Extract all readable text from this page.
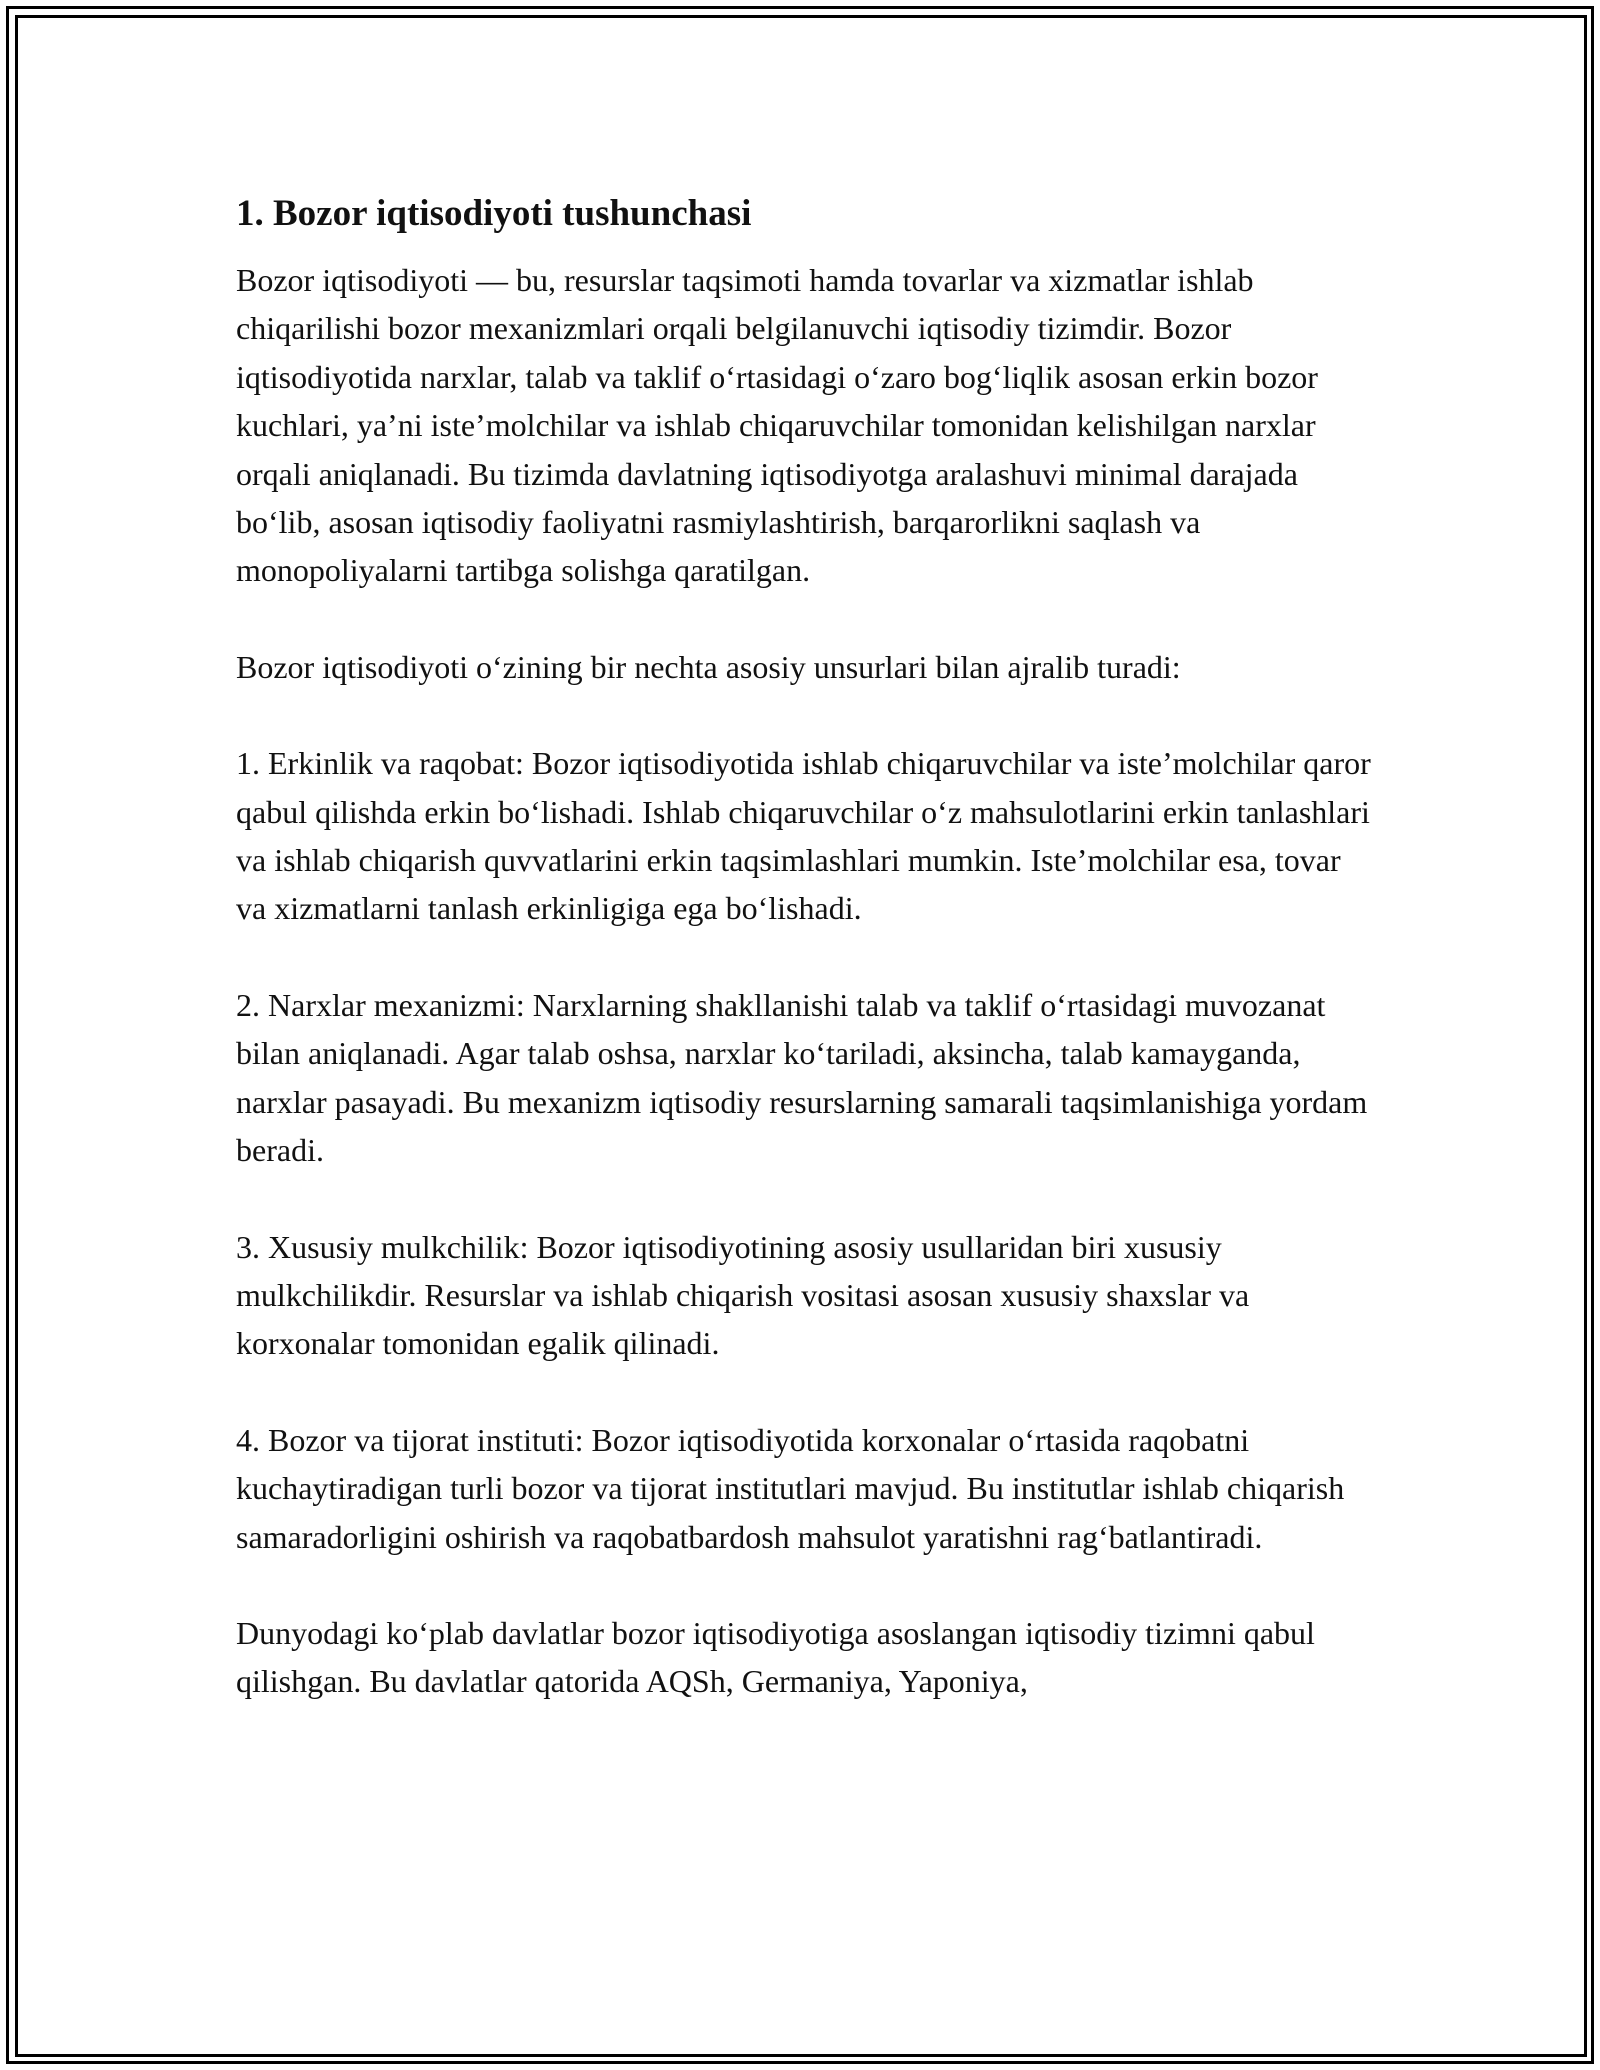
1. Bozor iqtisodiyoti tushunchasi

Bozor iqtisodiyoti — bu, resurslar taqsimoti hamda tovarlar va xizmatlar ishlab chiqarilishi bozor mexanizmlari orqali belgilanuvchi iqtisodiy tizimdir. Bozor iqtisodiyotida narxlar, talab va taklif oʻrtasidagi oʻzaro bogʻliqlik asosan erkin bozor kuchlari, yaʼni isteʼmolchilar va ishlab chiqaruvchilar tomonidan kelishilgan narxlar orqali aniqlanadi. Bu tizimda davlatning iqtisodiyotga aralashuvi minimal darajada boʻlib, asosan iqtisodiy faoliyatni rasmiylashtirish, barqarorlikni saqlash va monopoliyalarni tartibga solishga qaratilgan.

Bozor iqtisodiyoti oʻzining bir nechta asosiy unsurlari bilan ajralib turadi:

1. Erkinlik va raqobat: Bozor iqtisodiyotida ishlab chiqaruvchilar va isteʼmolchilar qaror qabul qilishda erkin boʻlishadi. Ishlab chiqaruvchilar oʻz mahsulotlarini erkin tanlashlari va ishlab chiqarish quvvatlarini erkin taqsimlashlari mumkin. Isteʼmolchilar esa, tovar va xizmatlarni tanlash erkinligiga ega boʻlishadi.

2. Narxlar mexanizmi: Narxlarning shakllanishi talab va taklif oʻrtasidagi muvozanat bilan aniqlanadi. Agar talab oshsa, narxlar koʻtariladi, aksincha, talab kamayganda, narxlar pasayadi. Bu mexanizm iqtisodiy resurslarning samarali taqsimlanishiga yordam beradi.

3. Xususiy mulkchilik: Bozor iqtisodiyotining asosiy usullaridan biri xususiy mulkchilikdir. Resurslar va ishlab chiqarish vositasi asosan xususiy shaxslar va korxonalar tomonidan egalik qilinadi.

4. Bozor va tijorat instituti: Bozor iqtisodiyotida korxonalar oʻrtasida raqobatni kuchaytiradigan turli bozor va tijorat institutlari mavjud. Bu institutlar ishlab chiqarish samaradorligini oshirish va raqobatbardosh mahsulot yaratishni ragʻbatlantiradi.

Dunyodagi koʻplab davlatlar bozor iqtisodiyotiga asoslangan iqtisodiy tizimni qabul qilishgan. Bu davlatlar qatorida AQSh, Germaniya, Yaponiya,
